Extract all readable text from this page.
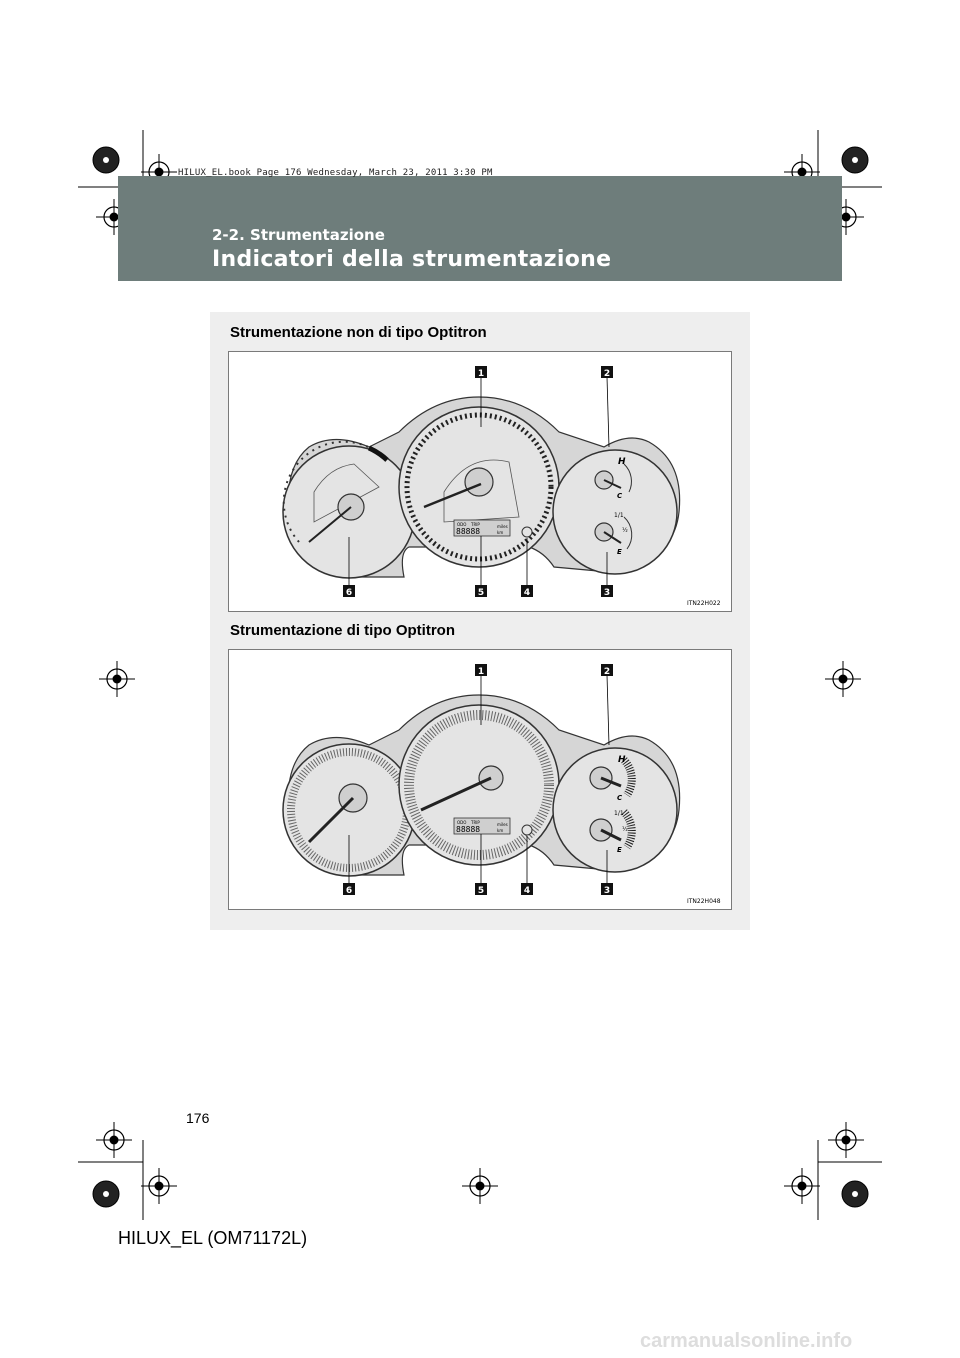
HILUX_EL.book Page 176 Wednesday, March 23, 2011 3:30 PM
2-2. Strumentazione
Indicatori della strumentazione
Strumentazione non di tipo Optitron
ODO TRIP
88888
miles
km
H
C
1/1
½
E
1	2
3
4
5
6
ITN22H022
Strumentazione di tipo Optitron
ODO TRIP
88888
miles
km
H
C
1/1
½
E
1	2
3
4
5
6
ITN22H048
176
HILUX_EL (OM71172L)
carmanualsonline.info
